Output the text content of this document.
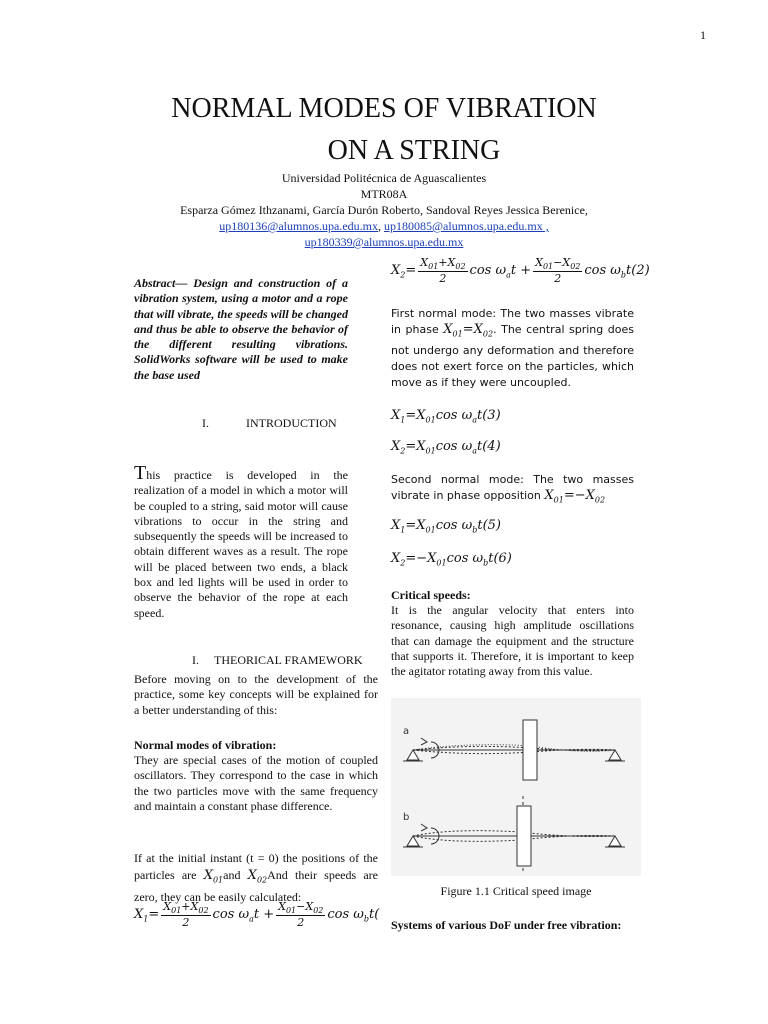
1
NORMAL MODES OF VIBRATION
ON A STRING
Universidad Politécnica de Aguascalientes
MTR08A
Esparza Gómez Ithzanami, García Durón Roberto, Sandoval Reyes Jessica Berenice,
up180136@alumnos.upa.edu.mx, up180085@alumnos.upa.edu.mx ,
up180339@alumnos.upa.edu.mx
Abstract— Design and construction of a vibration system, using a motor and a rope that will vibrate, the speeds will be changed and thus be able to observe the behavior of the different resulting vibrations. SolidWorks software will be used to make the base used
I.	INTRODUCTION
This practice is developed in the realization of a model in which a motor will be coupled to a string, said motor will cause vibrations to occur in the string and subsequently the speeds will be increased to obtain different waves as a result. The rope will be placed between two ends, a black box and led lights will be used in order to observe the behavior of the rope at each speed.
I. THEORICAL FRAMEWORK
Before moving on to the development of the practice, some key concepts will be explained for a better understanding of this:
Normal modes of vibration:
They are special cases of the motion of coupled oscillators. They correspond to the case in which the two particles move with the same frequency and maintain a constant phase difference.
If at the initial instant (t = 0) the positions of the particles are $X_{01}and$ $X_{02}And$ their speeds are zero, they can be easily calculated:
$X_1= \frac{X_{01}+X_{02}}{2}$ $\cos \omega_at + \frac{X_{01}-X_{02}}{2}$ $\cos \omega_bt$(
$X_2= \frac{X_{01}+X_{02}}{2}$ $\cos \omega_at + \frac{X_{01}-X_{02}}{2}$ $\cos \omega_bt(2)$
First normal mode: The two masses vibrate in phase $X_{01}=X_{02}$. The central spring does not undergo any deformation and therefore does not exert force on the particles, which move as if they were uncoupled.
$X_1=X_{01}\cos$ $\omega_at(3)$
$X_2=X_{01}\cos$ $\omega_at(4)$
Second normal mode: The two masses vibrate in phase opposition $X_{01}=-X_{02}$
$X_1=X_{01}\cos$ $\omega_bt(5)$
$X_2=-X_{01}\cos$ $\omega_bt(6)$
Critical speeds:
It is the angular velocity that enters into resonance, causing high amplitude oscillations that can damage the equipment and the structure that supports it. Therefore, it is important to keep the agitator rotating away from this value.
a
b
Figure 1.1 Critical speed image
Systems of various DoF under free vibration:
